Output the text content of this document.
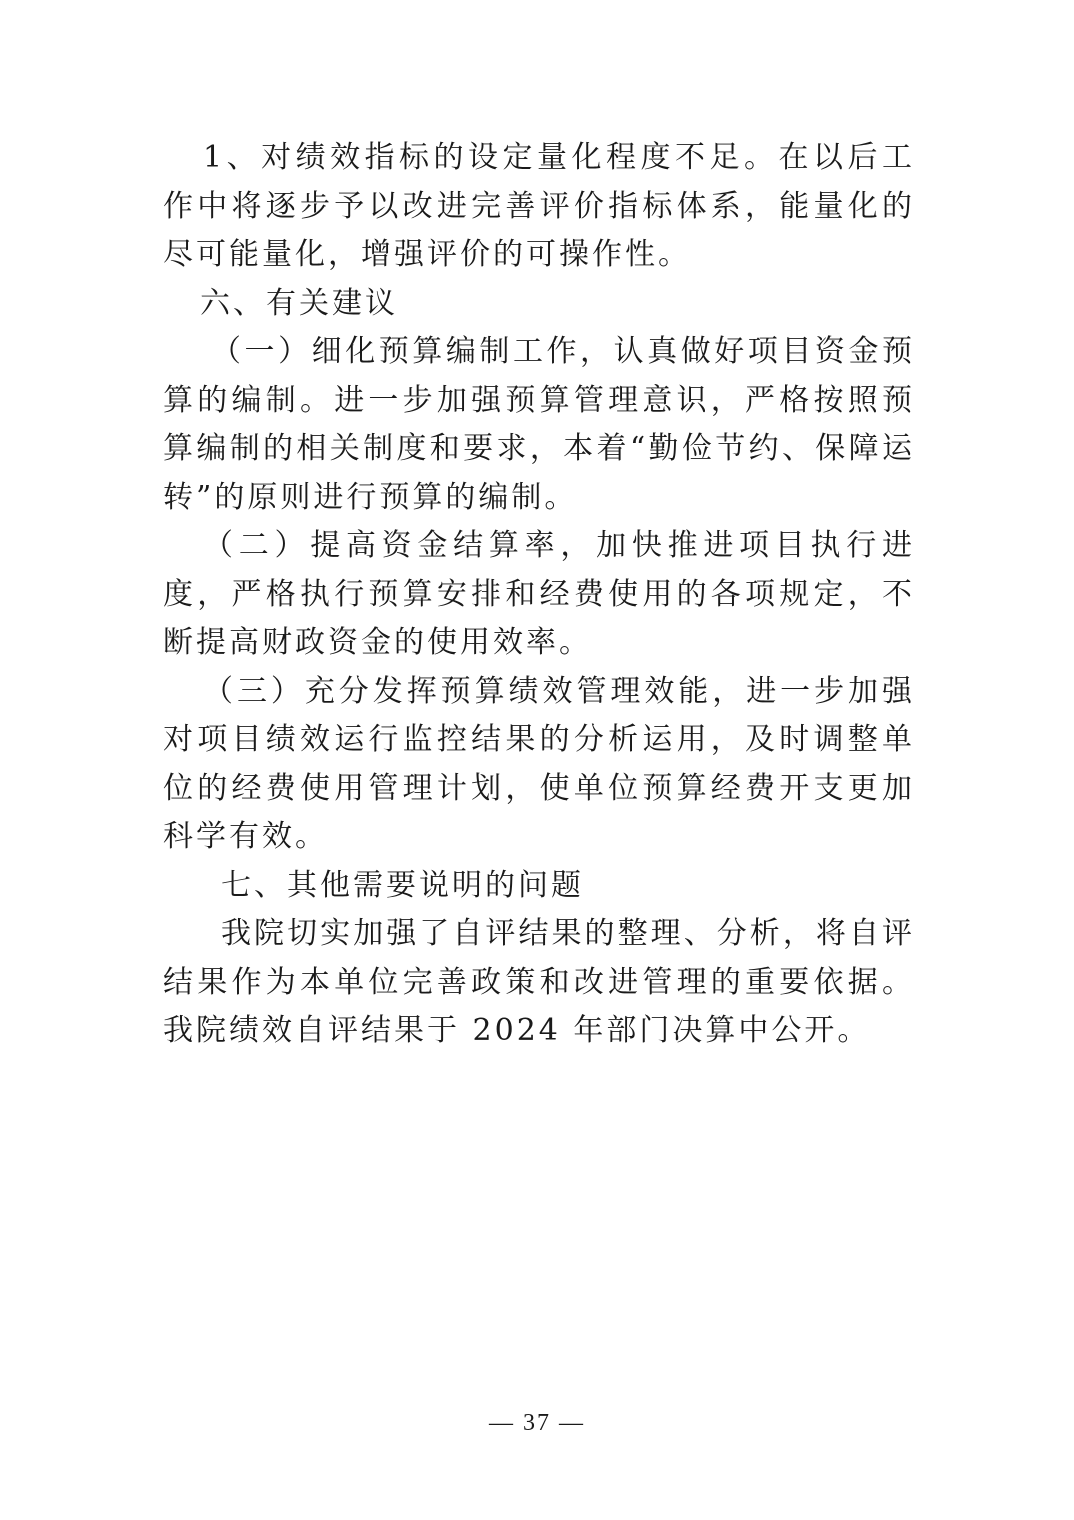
1、对绩效指标的设定量化程度不足。在以后工作中将逐步予以改进完善评价指标体系，能量化的尽可能量化，增强评价的可操作性。

六、有关建议

（一）细化预算编制工作，认真做好项目资金预算的编制。进一步加强预算管理意识，严格按照预算编制的相关制度和要求，本着“勤俭节约、保障运转”的原则进行预算的编制。

（二）提高资金结算率，加快推进项目执行进度，严格执行预算安排和经费使用的各项规定，不断提高财政资金的使用效率。

（三）充分发挥预算绩效管理效能，进一步加强对项目绩效运行监控结果的分析运用，及时调整单位的经费使用管理计划，使单位预算经费开支更加科学有效。

七、其他需要说明的问题

我院切实加强了自评结果的整理、分析，将自评结果作为本单位完善政策和改进管理的重要依据。我院绩效自评结果于 2024 年部门决算中公开。

— 37 —
